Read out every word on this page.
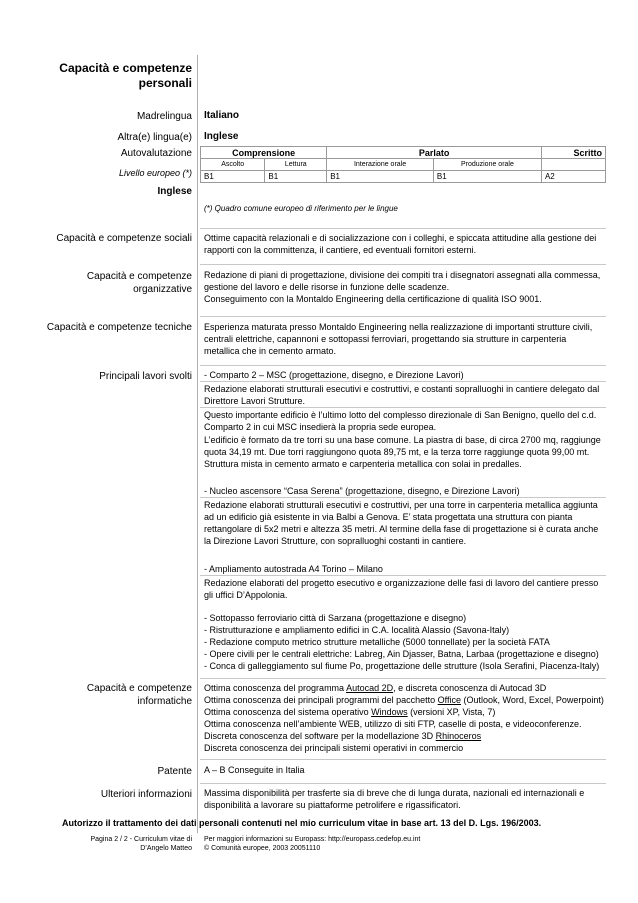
Capacità e competenze personali
Madrelingua Italiano
Altra(e) lingua(e) Inglese
Autovalutazione
Livello europeo (*)
Inglese
Comprensione		Parlato		Scritto
Ascolto	Lettura	Interazione orale	Produzione orale	
B1	B1	B1	B1	A2
(*) Quadro comune europeo di riferimento per le lingue
Capacità e competenze sociali Ottime capacità relazionali e di socializzazione con i colleghi, e spiccata attitudine alla gestione dei rapporti con la committenza, il cantiere, ed eventuali fornitori esterni.
Capacità e competenze
organizzative
Redazione di piani di progettazione, divisione dei compiti tra i disegnatori assegnati alla commessa, gestione del lavoro e delle risorse in funzione delle scadenze.
Conseguimento con la Montaldo Engineering della certificazione di qualità ISO 9001.
Capacità e competenze tecniche Esperienza maturata presso Montaldo Engineering nella realizzazione di importanti strutture civili, centrali elettriche, capannoni e sottopassi ferroviari, progettando sia strutture in carpenteria metallica che in cemento armato.
Principali lavori svolti - Comparto 2 – MSC (progettazione, disegno, e Direzione Lavori)
Redazione elaborati strutturali esecutivi e costruttivi, e costanti sopralluoghi in cantiere delegato dal Direttore Lavori Strutture.
Questo importante edificio è l’ultimo lotto del complesso direzionale di San Benigno, quello del c.d. Comparto 2 in cui MSC insedierà la propria sede europea.
L’edificio è formato da tre torri su una base comune. La piastra di base, di circa 2700 mq, raggiunge quota 34,19 mt. Due torri raggiungono quota 89,75 mt, e la terza torre raggiunge quota 99,00 mt. Struttura mista in cemento armato e carpenteria metallica con solai in predalles.
- Nucleo ascensore “Casa Serena” (progettazione, disegno, e Direzione Lavori)
Redazione elaborati strutturali esecutivi e costruttivi, per una torre in carpenteria metallica aggiunta ad un edificio già esistente in via Balbi a Genova. E’ stata progettata una struttura con pianta rettangolare di 5x2 metri e altezza 35 metri. Al termine della fase di progettazione si è curata anche la Direzione Lavori Strutture, con sopralluoghi costanti in cantiere.
- Ampliamento autostrada A4 Torino – Milano
Redazione elaborati del progetto esecutivo e organizzazione delle fasi di lavoro del cantiere presso gli uffici D’Appolonia.
- Sottopasso ferroviario città di Sarzana (progettazione e disegno)
- Ristrutturazione e ampliamento edifici in C.A. località Alassio (Savona-Italy)
- Redazione computo metrico strutture metalliche (5000 tonnellate) per la società FATA
- Opere civili per le centrali elettriche: Labreg, Ain Djasser, Batna, Larbaa (progettazione e disegno)
- Conca di galleggiamento sul fiume Po, progettazione delle strutture (Isola Serafini, Piacenza-Italy)
Capacità e competenze
informatiche
Ottima conoscenza del programma Autocad 2D, e discreta conoscenza di Autocad 3D
Ottima conoscenza dei principali programmi del pacchetto Office (Outlook, Word, Excel, Powerpoint)
Ottima conoscenza del sistema operativo Windows (versioni XP, Vista, 7)
Ottima conoscenza nell’ambiente WEB, utilizzo di siti FTP, caselle di posta, e videoconferenze.
Discreta conoscenza del software per la modellazione 3D Rhinoceros
Discreta conoscenza dei principali sistemi operativi in commercio
Patente A – B Conseguite in Italia
Ulteriori informazioni Massima disponibilità per trasferte sia di breve che di lunga durata, nazionali ed internazionali e disponibilità a lavorare su piattaforme petrolifere e rigassificatori.
Autorizzo il trattamento dei dati personali contenuti nel mio curriculum vitae in base art. 13 del D. Lgs. 196/2003.
Pagina 2 / 2 - Curriculum vitae di
D’Angelo Matteo
Per maggiori informazioni su Europass: http://europass.cedefop.eu.int
© Comunità europee, 2003 20051110
